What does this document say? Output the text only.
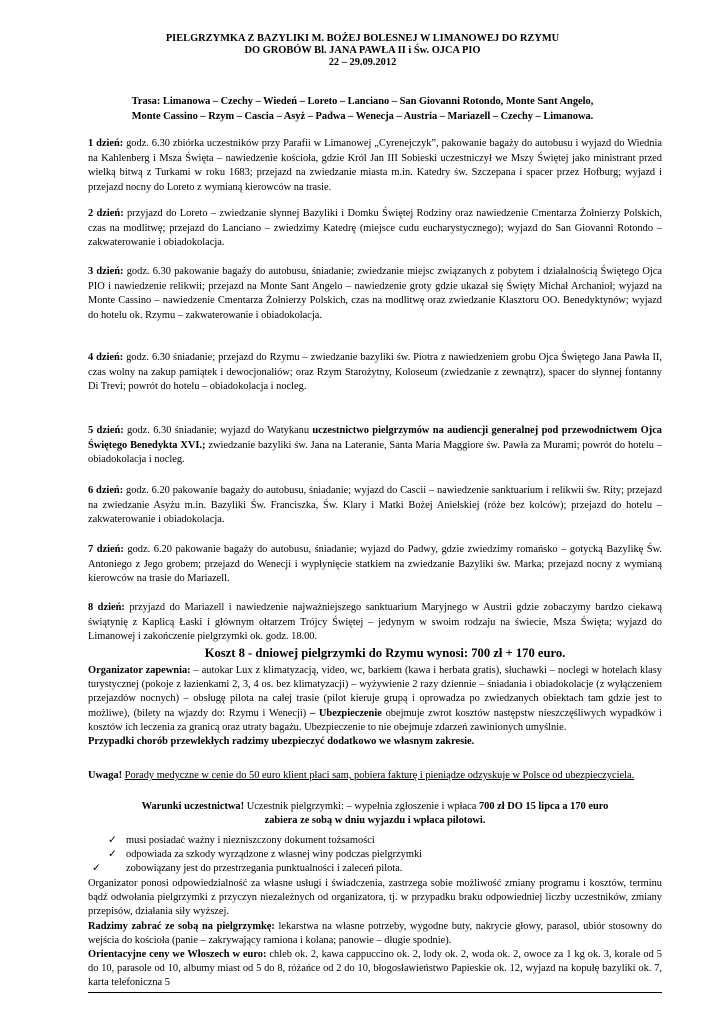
PIELGRZYMKA Z BAZYLIKI M. BOŻEJ BOLESNEJ W LIMANOWEJ DO RZYMU
DO GROBÓW Bl. JANA PAWŁA II i Św. OJCA PIO
22 – 29.09.2012
Trasa: Limanowa – Czechy – Wiedeń – Loreto – Lanciano – San Giovanni Rotondo, Monte Sant Angelo,
Monte Cassino – Rzym – Cascia – Asyż – Padwa – Wenecja – Austria – Mariazell – Czechy – Limanowa.
1 dzień: godz. 6.30 zbiórka uczestników przy Parafii w Limanowej „Cyrenejczyk”, pakowanie bagaży do autobusu i wyjazd do Wiednia na Kahlenberg i Msza Święta – nawiedzenie kościoła, gdzie Król Jan III Sobieski uczestniczył we Mszy Świętej jako ministrant przed wielką bitwą z Turkami w roku 1683; przejazd na zwiedzanie miasta m.in. Katedry św. Szczepana i spacer przez Hofburg; wyjazd i przejazd nocny do Loreto z wymianą kierowców na trasie.
2 dzień: przyjazd do Loreto – zwiedzanie słynnej Bazyliki i Domku Świętej Rodziny oraz nawiedzenie Cmentarza Żołnierzy Polskich, czas na modlitwę; przejazd do Lanciano – zwiedzimy Katedrę (miejsce cudu eucharystycznego); wyjazd do San Giovanni Rotondo – zakwaterowanie i obiadokolacja.
3 dzień: godz. 6.30 pakowanie bagaży do autobusu, śniadanie; zwiedzanie miejsc związanych z pobytem i działalnością Świętego Ojca PIO i nawiedzenie relikwii; przejazd na Monte Sant Angelo – nawiedzenie groty gdzie ukazał się Święty Michał Archanioł; wyjazd na Monte Cassino – nawiedzenie Cmentarza Żołnierzy Polskich, czas na modlitwę oraz zwiedzanie Klasztoru OO. Benedyktynów; wyjazd do hotelu ok. Rzymu – zakwaterowanie i obiadokolacja.
4 dzień: godz. 6.30 śniadanie; przejazd do Rzymu – zwiedzanie bazyliki św. Piotra z nawiedzeniem grobu Ojca Świętego Jana Pawła II, czas wolny na zakup pamiątek i dewocjonaliów; oraz Rzym Starożytny, Koloseum (zwiedzanie z zewnątrz), spacer do słynnej fontanny Di Trevi; powrót do hotelu – obiadokolacja i nocleg.
5 dzień: godz. 6.30 śniadanie; wyjazd do Watykanu uczestnictwo pielgrzymów na audiencji generalnej pod przewodnictwem Ojca Świętego Benedykta XVI.; zwiedzanie bazyliki św. Jana na Lateranie, Santa Maria Maggiore św. Pawła za Murami; powrót do hotelu – obiadokolacja i nocleg.
6 dzień: godz. 6.20 pakowanie bagaży do autobusu, śniadanie; wyjazd do Cascii – nawiedzenie sanktuarium i relikwii św. Rity; przejazd na zwiedzanie Asyżu m.in. Bazyliki Św. Franciszka, Św. Klary i Matki Bożej Anielskiej (róże bez kolców); przejazd do hotelu – zakwaterowanie i obiadokolacja.
7 dzień: godz. 6.20 pakowanie bagaży do autobusu, śniadanie; wyjazd do Padwy, gdzie zwiedzimy romańsko – gotycką Bazylikę Św. Antoniego z Jego grobem; przejazd do Wenecji i wypłynięcie statkiem na zwiedzanie Bazyliki św. Marka; przejazd nocny z wymianą kierowców na trasie do Mariazell.
8 dzień: przyjazd do Mariazell i nawiedzenie najważniejszego sanktuarium Maryjnego w Austrii gdzie zobaczymy bardzo ciekawą świątynię z Kaplicą Łaski i głównym ołtarzem Trójcy Świętej – jedynym w swoim rodzaju na świecie, Msza Święta; wyjazd do Limanowej i zakończenie pielgrzymki ok. godz. 18.00.
Koszt 8 - dniowej pielgrzymki do Rzymu wynosi: 700 zł + 170 euro.
Organizator zapewnia: – autokar Lux z klimatyzacją, video, wc, barkiem (kawa i herbata gratis), słuchawki – noclegi w hotelach klasy turystycznej (pokoje z łazienkami 2, 3, 4 os. bez klimatyzacji) – wyżywienie 2 razy dziennie – śniadania i obiadokolacje (z wyłączeniem przejazdów nocnych) – obsługę pilota na całej trasie (pilot kieruje grupą i oprowadza po zwiedzanych obiektach tam gdzie jest to możliwe), (bilety na wjazdy do: Rzymu i Wenecji) – Ubezpieczenie obejmuje zwrot kosztów następstw nieszczęśliwych wypadków i kosztów ich leczenia za granicą oraz utraty bagażu. Ubezpieczenie to nie obejmuje zdarzeń zawinionych umyślnie.
Przypadki chorób przewlekłych radzimy ubezpieczyć dodatkowo we własnym zakresie.
Uwaga! Porady medyczne w cenie do 50 euro klient płaci sam, pobiera fakturę i pieniądze odzyskuje w Polsce od ubezpieczyciela.
Warunki uczestnictwa! Uczestnik pielgrzymki: – wypełnia zgłoszenie i wpłaca 700 zł DO 15 lipca a 170 euro
zabiera ze sobą w dniu wyjazdu i wpłaca pilotowi.
✓ musi posiadać ważny i niezniszczony dokument tożsamości
✓ odpowiada za szkody wyrządzone z własnej winy podczas pielgrzymki
✓ zobowiązany jest do przestrzegania punktualności i zaleceń pilota.
Organizator ponosi odpowiedzialność za własne usługi i świadczenia, zastrzega sobie możliwość zmiany programu i kosztów, terminu bądź odwołania pielgrzymki z przyczyn niezależnych od organizatora, tj. w przypadku braku odpowiedniej liczby uczestników, zmiany przepisów, działania siły wyższej.
Radzimy zabrać ze sobą na pielgrzymkę: lekarstwa na własne potrzeby, wygodne buty, nakrycie głowy, parasol, ubiór stosowny do wejścia do kościoła (panie – zakrywający ramiona i kolana; panowie – długie spodnie).
Orientacyjne ceny we Włoszech w euro: chleb ok. 2, kawa cappuccino ok. 2, lody ok. 2, woda ok. 2, owoce za 1 kg ok. 3, korale od 5 do 10, parasole od 10, albumy miast od 5 do 8, różańce od 2 do 10, błogosławieństwo Papieskie ok. 12, wyjazd na kopułę bazyliki ok. 7, karta telefoniczna 5
